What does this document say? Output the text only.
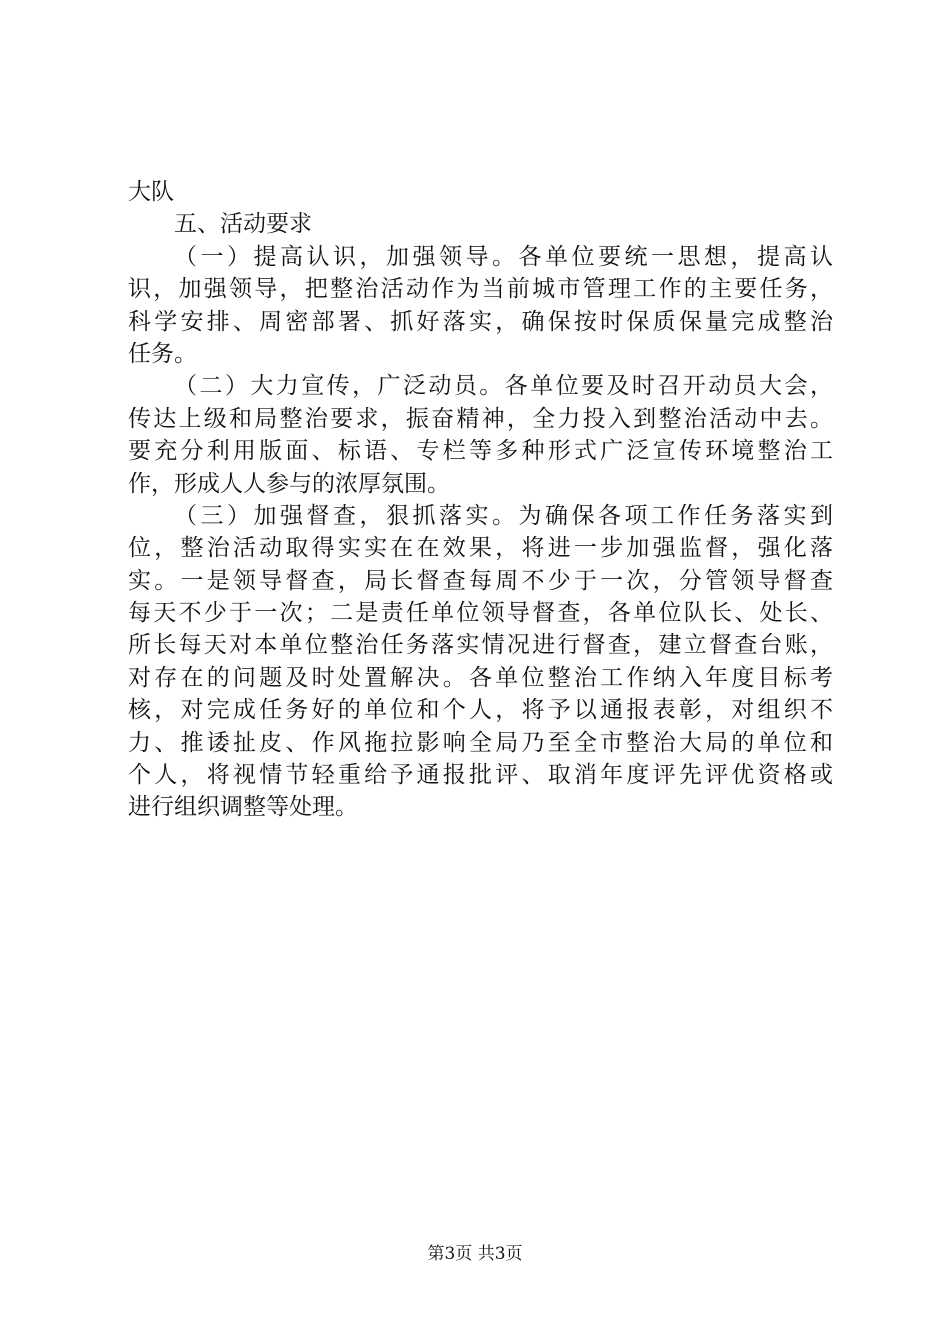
大队
五、活动要求
（一）提高认识，加强领导。各单位要统一思想，提高认
识，加强领导，把整治活动作为当前城市管理工作的主要任务，
科学安排、周密部署、抓好落实，确保按时保质保量完成整治
任务。
（二）大力宣传，广泛动员。各单位要及时召开动员大会，
传达上级和局整治要求，振奋精神，全力投入到整治活动中去。
要充分利用版面、标语、专栏等多种形式广泛宣传环境整治工
作，形成人人参与的浓厚氛围。
（三）加强督查，狠抓落实。为确保各项工作任务落实到
位，整治活动取得实实在在效果，将进一步加强监督，强化落
实。一是领导督查，局长督查每周不少于一次，分管领导督查
每天不少于一次；二是责任单位领导督查，各单位队长、处长、
所长每天对本单位整治任务落实情况进行督查，建立督查台账，
对存在的问题及时处置解决。各单位整治工作纳入年度目标考
核，对完成任务好的单位和个人，将予以通报表彰，对组织不
力、推诿扯皮、作风拖拉影响全局乃至全市整治大局的单位和
个人，将视情节轻重给予通报批评、取消年度评先评优资格或
进行组织调整等处理。
第3页 共3页
